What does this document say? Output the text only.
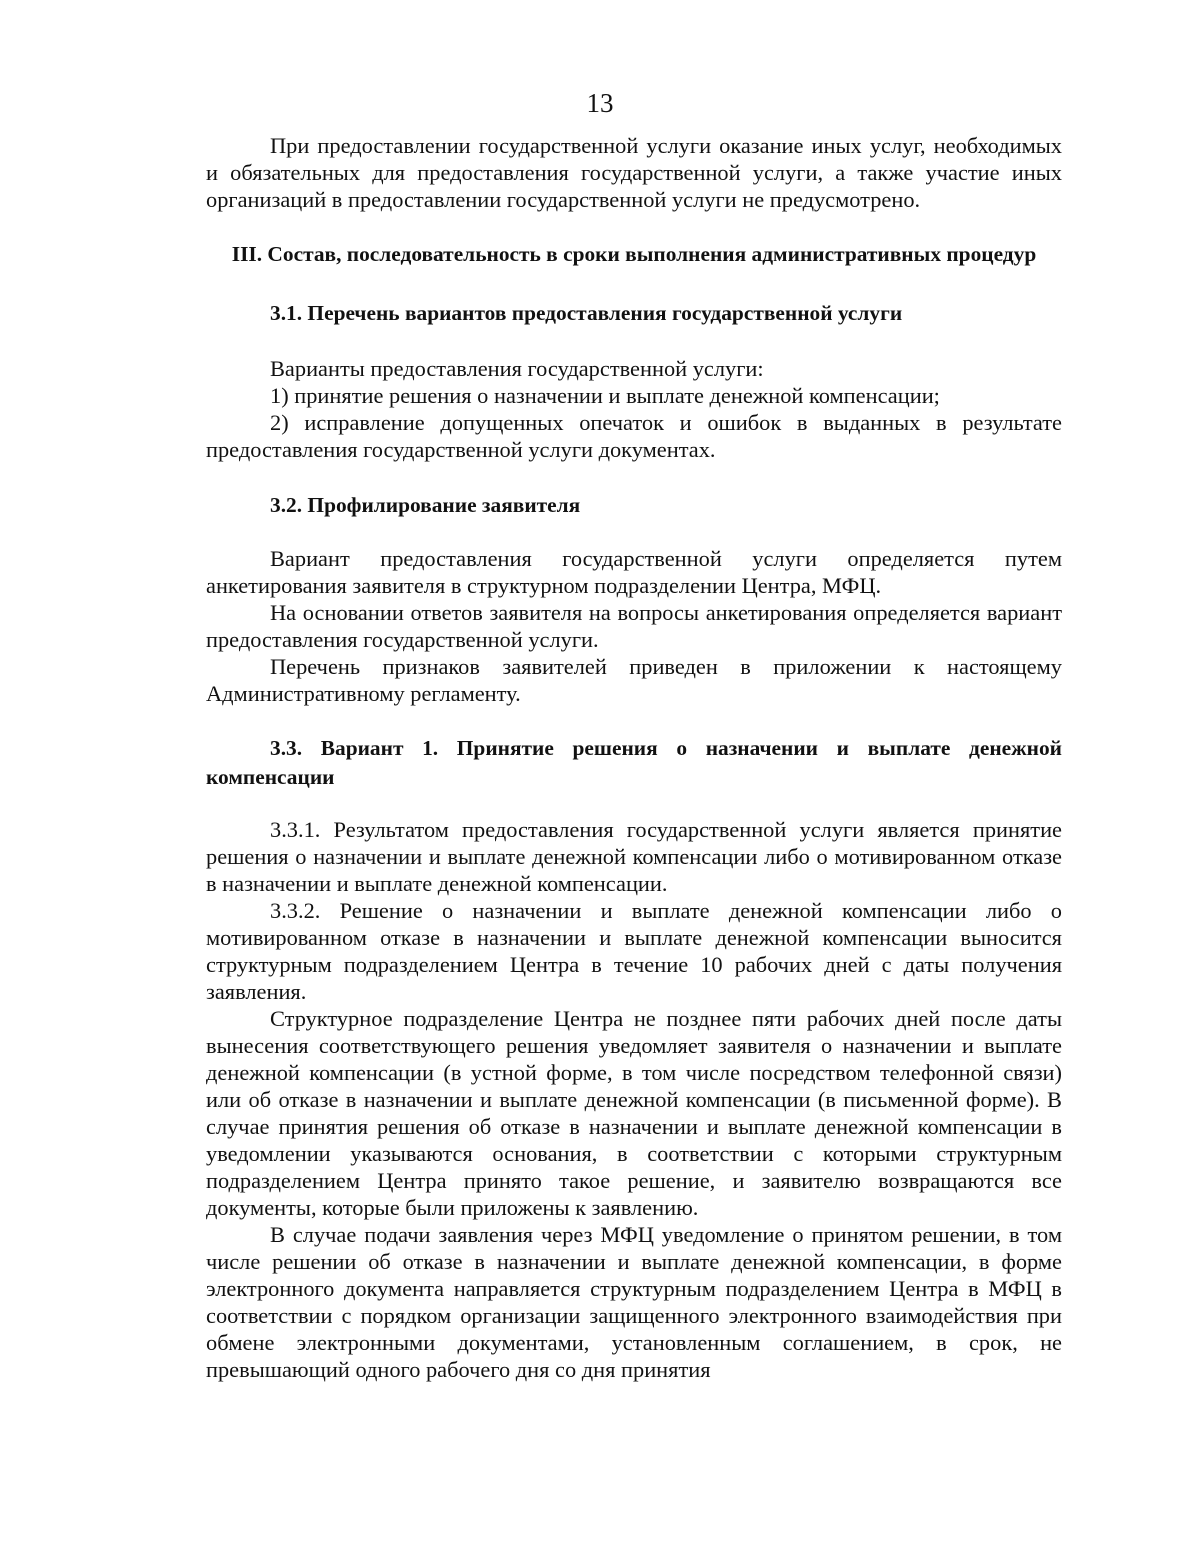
13

При предоставлении государственной услуги оказание иных услуг, необходимых и обязательных для предоставления государственной услуги, а также участие иных организаций в предоставлении государственной услуги не предусмотрено.

III. Состав, последовательность в сроки выполнения административных процедур
3.1. Перечень вариантов предоставления государственной услуги

Варианты предоставления государственной услуги:

1) принятие решения о назначении и выплате денежной компенсации;

2) исправление допущенных опечаток и ошибок в выданных в результате предоставления государственной услуги документах.

3.2. Профилирование заявителя

Вариант предоставления государственной услуги определяется путем анкетирования заявителя в структурном подразделении Центра, МФЦ.

На основании ответов заявителя на вопросы анкетирования определяется вариант предоставления государственной услуги.

Перечень признаков заявителей приведен в приложении к настоящему Административному регламенту.

3.3. Вариант 1. Принятие решения о назначении и выплате денежной компенсации

3.3.1. Результатом предоставления государственной услуги является принятие решения о назначении и выплате денежной компенсации либо о мотивированном отказе в назначении и выплате денежной компенсации.

3.3.2. Решение о назначении и выплате денежной компенсации либо о мотивированном отказе в назначении и выплате денежной компенсации выносится структурным подразделением Центра в течение 10 рабочих дней с даты получения заявления.

Структурное подразделение Центра не позднее пяти рабочих дней после даты вынесения соответствующего решения уведомляет заявителя о назначении и выплате денежной компенсации (в устной форме, в том числе посредством телефонной связи) или об отказе в назначении и выплате денежной компенсации (в письменной форме). В случае принятия решения об отказе в назначении и выплате денежной компенсации в уведомлении указываются основания, в соответствии с которыми структурным подразделением Центра принято такое решение, и заявителю возвращаются все документы, которые были приложены к заявлению.

В случае подачи заявления через МФЦ уведомление о принятом решении, в том числе решении об отказе в назначении и выплате денежной компенсации, в форме электронного документа направляется структурным подразделением Центра в МФЦ в соответствии с порядком организации защищенного электронного взаимодействия при обмене электронными документами, установленным соглашением, в срок, не превышающий одного рабочего дня со дня принятия
